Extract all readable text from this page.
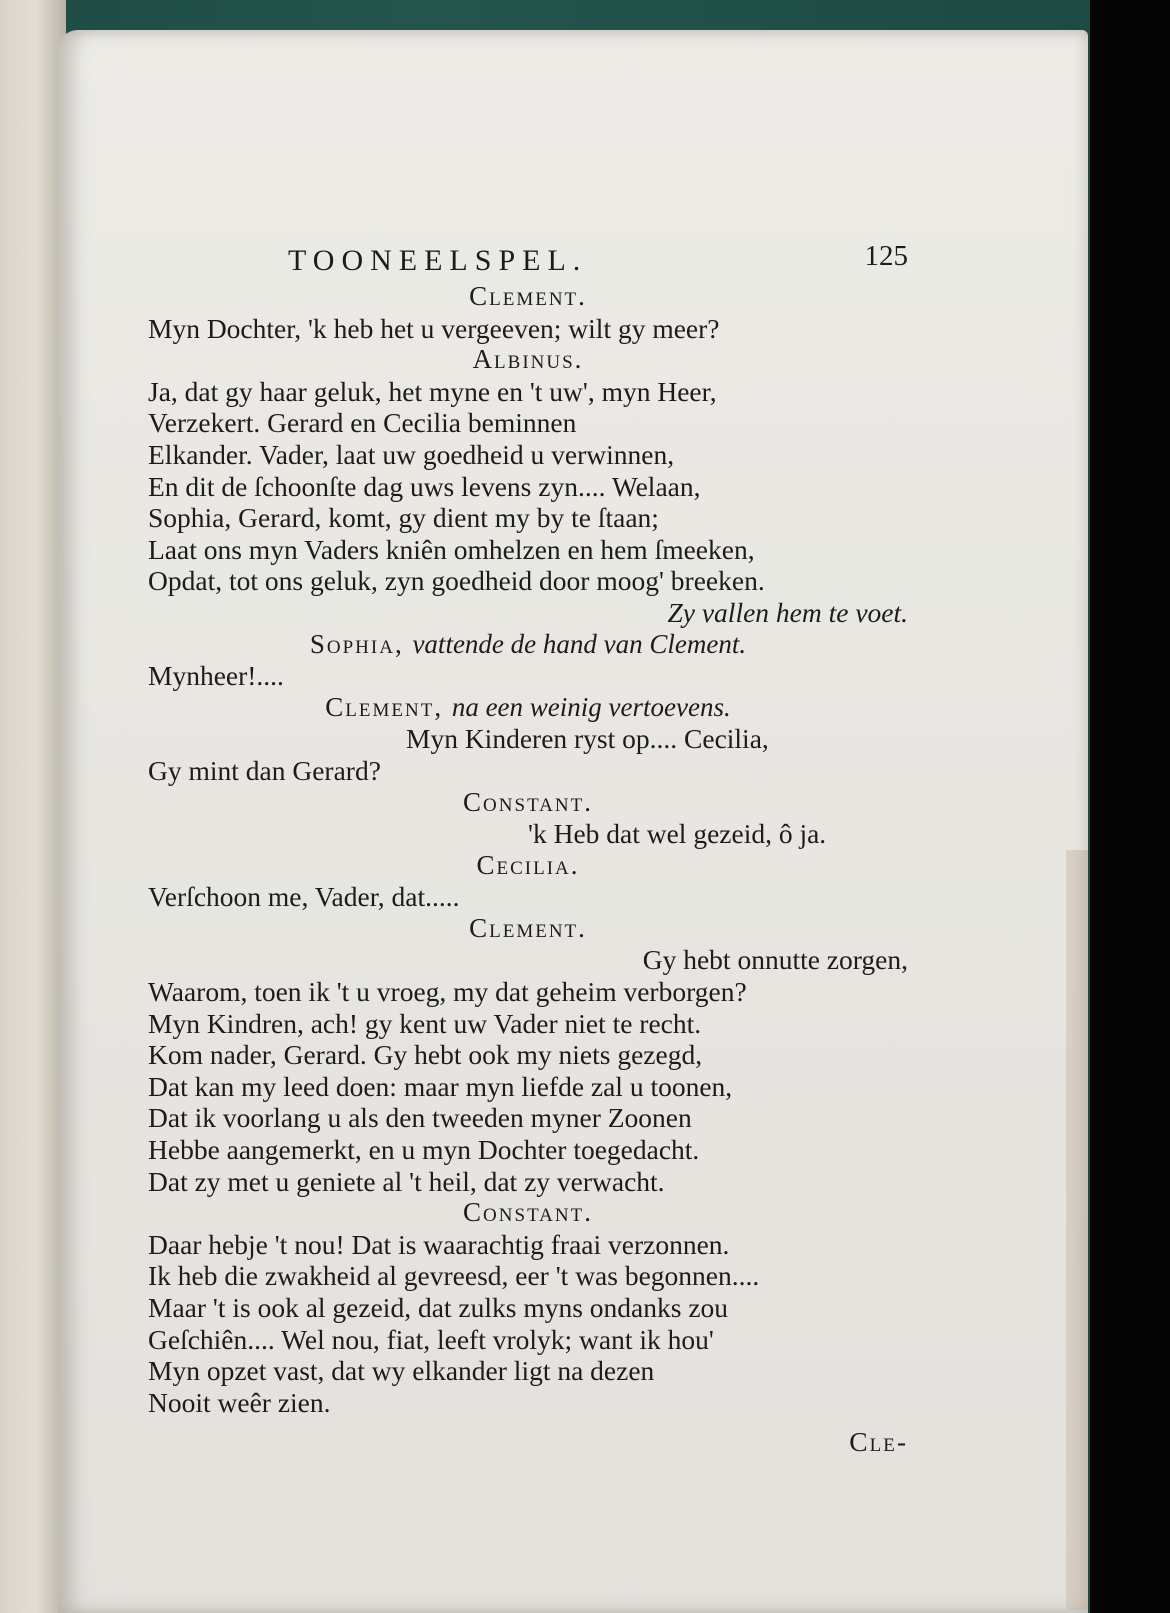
TOONEELSPEL.	125
Clement.
Myn Dochter, 'k heb het u vergeeven; wilt gy meer?
Albinus.
Ja, dat gy haar geluk, het myne en 't uw', myn Heer,
Verzekert. Gerard en Cecilia beminnen
Elkander. Vader, laat uw goedheid u verwinnen,
En dit de ſchoonſte dag uws levens zyn.... Welaan,
Sophia, Gerard, komt, gy dient my by te ſtaan;
Laat ons myn Vaders kniên omhelzen en hem ſmeeken,
Opdat, tot ons geluk, zyn goedheid door moog' breeken.
Zy vallen hem te voet.
Sophia, vattende de hand van Clement.
Mynheer!....
Clement, na een weinig vertoevens.
Myn Kinderen ryst op.... Cecilia,
Gy mint dan Gerard?
Constant.
'k Heb dat wel gezeid, ô ja.
Cecilia.
Verſchoon me, Vader, dat.....
Clement.
Gy hebt onnutte zorgen,
Waarom, toen ik 't u vroeg, my dat geheim verborgen?
Myn Kindren, ach! gy kent uw Vader niet te recht.
Kom nader, Gerard. Gy hebt ook my niets gezegd,
Dat kan my leed doen: maar myn liefde zal u toonen,
Dat ik voorlang u als den tweeden myner Zoonen
Hebbe aangemerkt, en u myn Dochter toegedacht.
Dat zy met u geniete al 't heil, dat zy verwacht.
Constant.
Daar hebje 't nou! Dat is waarachtig fraai verzonnen.
Ik heb die zwakheid al gevreesd, eer 't was begonnen....
Maar 't is ook al gezeid, dat zulks myns ondanks zou
Geſchiên.... Wel nou, fiat, leeft vrolyk; want ik hou'
Myn opzet vast, dat wy elkander ligt na dezen
Nooit weêr zien.
Cle-
